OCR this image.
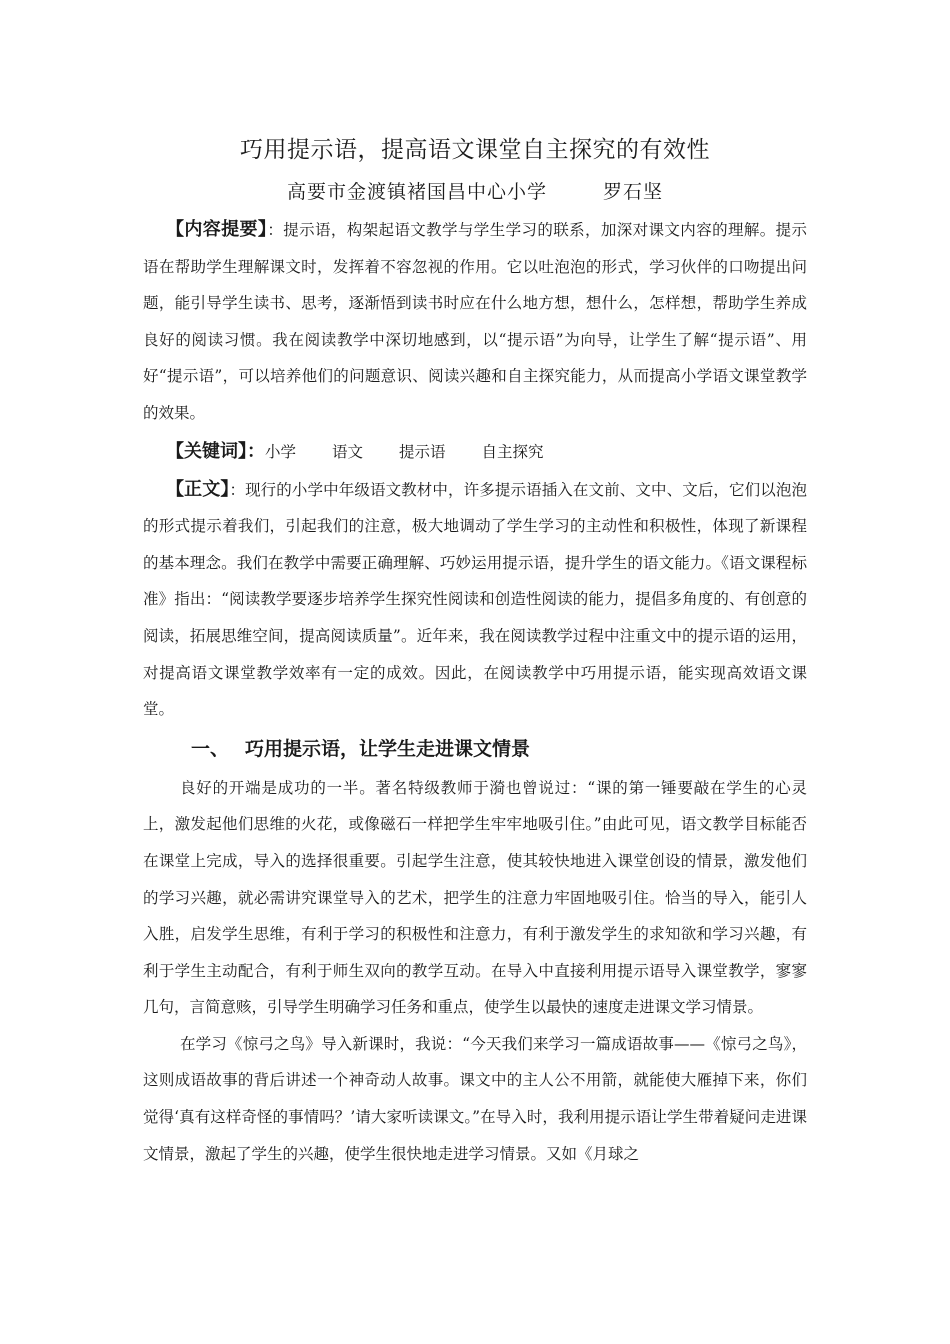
巧用提示语，提高语文课堂自主探究的有效性
高要市金渡镇褚国昌中心小学	罗石坚

【内容提要】：提示语，构架起语文教学与学生学习的联系，加深对课文内容的理解。提示语在帮助学生理解课文时，发挥着不容忽视的作用。它以吐泡泡的形式，学习伙伴的口吻提出问题，能引导学生读书、思考，逐渐悟到读书时应在什么地方想，想什么，怎样想，帮助学生养成良好的阅读习惯。我在阅读教学中深切地感到，以“提示语”为向导，让学生了解“提示语”、用好“提示语”，可以培养他们的问题意识、阅读兴趣和自主探究能力，从而提高小学语文课堂教学的效果。

【关键词】：小学 语文 提示语 自主探究

【正文】：现行的小学中年级语文教材中，许多提示语插入在文前、文中、文后，它们以泡泡的形式提示着我们，引起我们的注意，极大地调动了学生学习的主动性和积极性，体现了新课程的基本理念。我们在教学中需要正确理解、巧妙运用提示语，提升学生的语文能力。《语文课程标准》指出：“阅读教学要逐步培养学生探究性阅读和创造性阅读的能力，提倡多角度的、有创意的阅读，拓展思维空间，提高阅读质量”。近年来，我在阅读教学过程中注重文中的提示语的运用，对提高语文课堂教学效率有一定的成效。因此，在阅读教学中巧用提示语，能实现高效语文课堂。

一、 巧用提示语，让学生走进课文情景

良好的开端是成功的一半。著名特级教师于漪也曾说过：“课的第一锤要敲在学生的心灵上，激发起他们思维的火花，或像磁石一样把学生牢牢地吸引住。”由此可见，语文教学目标能否在课堂上完成，导入的选择很重要。引起学生注意，使其较快地进入课堂创设的情景，激发他们的学习兴趣，就必需讲究课堂导入的艺术，把学生的注意力牢固地吸引住。恰当的导入，能引人入胜，启发学生思维，有利于学习的积极性和注意力，有利于激发学生的求知欲和学习兴趣，有利于学生主动配合，有利于师生双向的教学互动。在导入中直接利用提示语导入课堂教学，寥寥几句，言简意赅，引导学生明确学习任务和重点，使学生以最快的速度走进课文学习情景。

在学习《惊弓之鸟》导入新课时，我说：“今天我们来学习一篇成语故事——《惊弓之鸟》，这则成语故事的背后讲述一个神奇动人故事。课文中的主人公不用箭，就能使大雁掉下来，你们觉得‘真有这样奇怪的事情吗？’请大家听读课文。”在导入时，我利用提示语让学生带着疑问走进课文情景，激起了学生的兴趣，使学生很快地走进学习情景。又如《月球之
